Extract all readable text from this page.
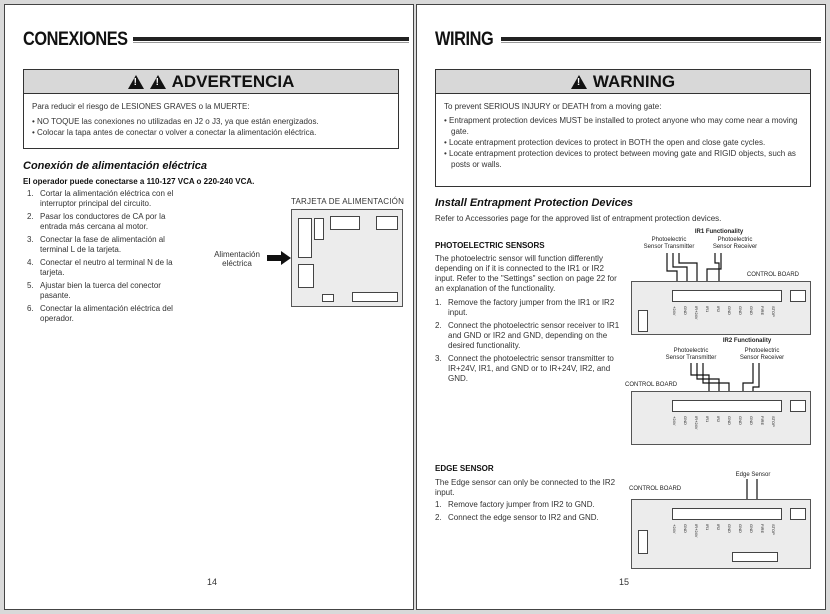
CONEXIONES
!
!
ADVERTENCIA
Para reducir el riesgo de LESIONES GRAVES o la MUERTE:
• NO TOQUE las conexiones no utilizadas en J2 o J3, ya que están energizados.
• Colocar la tapa antes de conectar o volver a conectar la alimentación eléctrica.
Conexión de alimentación eléctrica
El operador puede conectarse a 110-127 VCA o 220-240 VCA.
1. Cortar la alimentación eléctrica con el interruptor principal del circuito.
2. Pasar los conductores de CA por la entrada más cercana al motor.
3. Conectar la fase de alimentación al terminal L de la tarjeta.
4. Conectar el neutro al terminal N de la tarjeta.
5. Ajustar bien la tuerca del conector pasante.
6. Conectar la alimentación eléctrica del operador.
TARJETA DE ALIMENTACIÓN
Alimentación eléctrica
14
WIRING
!
WARNING
To prevent SERIOUS INJURY or DEATH from a moving gate:
• Entrapment protection devices MUST be installed to protect anyone who may come near a moving gate.
• Locate entrapment protection devices to protect in BOTH the open and close gate cycles.
• Locate entrapment protection devices to protect between moving gate and RIGID objects, such as posts or walls.
Install Entrapment Protection Devices
Refer to Accessories page for the approved list of entrapment protection devices.
PHOTOELECTRIC SENSORS
The photoelectric sensor will function differently depending on if it is connected to the IR1 or IR2 input. Refer to the "Settings" section on page 22 for an explanation of the functionality.
1. Remove the factory jumper from the IR1 or IR2 input.
2. Connect the photoelectric sensor receiver to IR1 and GND or IR2 and GND, depending on the desired functionality.
3. Connect the photoelectric sensor transmitter to IR+24V, IR1, and GND or to IR+24V, IR2, and GND.
IR1 Functionality
Photoelectric Sensor Transmitter
Photoelectric Sensor Receiver
CONTROL BOARD
+24V GND IR+24V IR1 IR2 GND GND GND FIRE STOP
IR2 Functionality
Photoelectric Sensor Transmitter
Photoelectric Sensor Receiver
CONTROL BOARD
+24V GND IR+24V IR1 IR2 GND GND GND FIRE STOP
EDGE SENSOR
The Edge sensor can only be connected to the IR2 input.
1. Remove factory jumper from IR2 to GND.
2. Connect the edge sensor to IR2 and GND.
Edge Sensor
CONTROL BOARD
+24V GND IR+24V IR1 IR2 GND GND GND FIRE STOP
15
